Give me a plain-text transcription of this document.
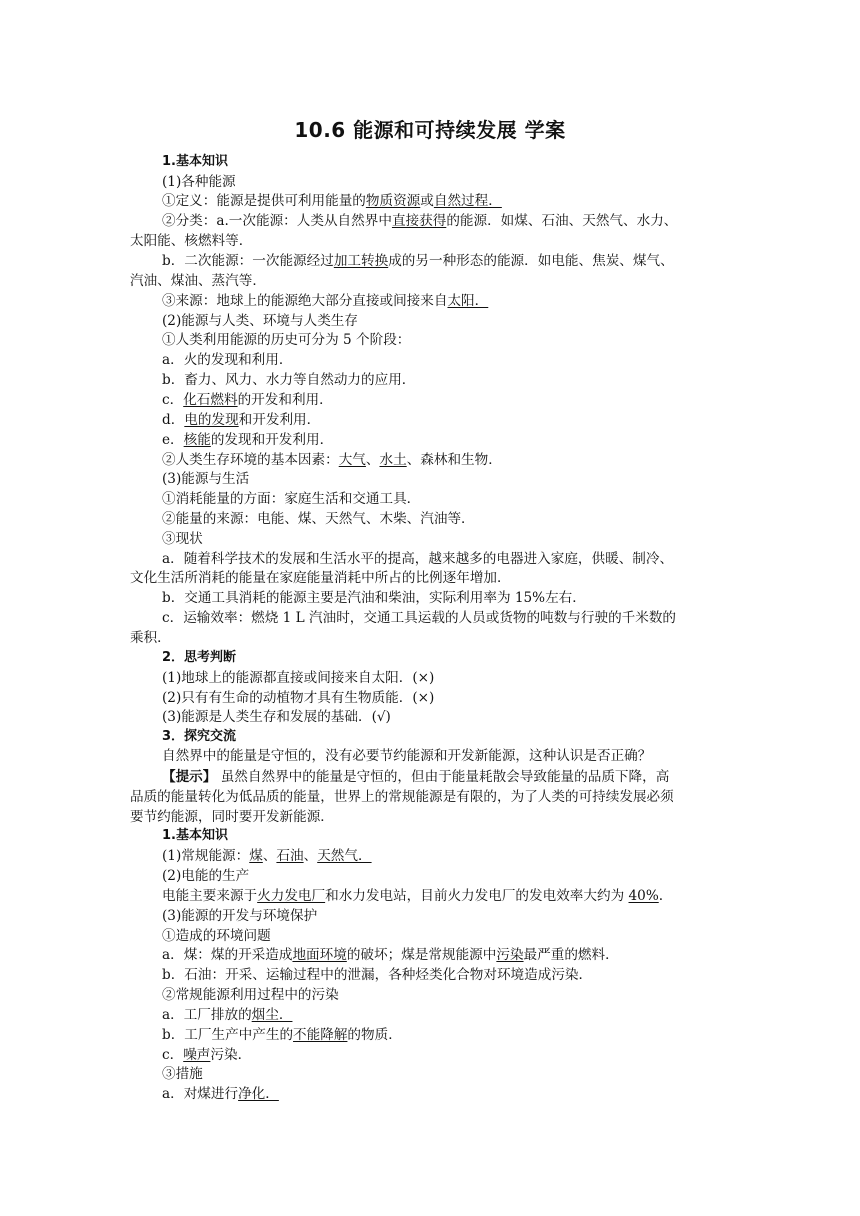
10.6 能源和可持续发展 学案
1.基本知识
(1)各种能源
①定义：能源是提供可利用能量的物质资源或自然过程．
②分类：a.一次能源：人类从自然界中直接获得的能源．如煤、石油、天然气、水力、
太阳能、核燃料等．
b．二次能源：一次能源经过加工转换成的另一种形态的能源．如电能、焦炭、煤气、
汽油、煤油、蒸汽等．
③来源：地球上的能源绝大部分直接或间接来自太阳．
(2)能源与人类、环境与人类生存
①人类利用能源的历史可分为 5 个阶段：
a．火的发现和利用．
b．畜力、风力、水力等自然动力的应用．
c．化石燃料的开发和利用．
d．电的发现和开发利用．
e．核能的发现和开发利用．
②人类生存环境的基本因素：大气、水土、森林和生物．
(3)能源与生活
①消耗能量的方面：家庭生活和交通工具．
②能量的来源：电能、煤、天然气、木柴、汽油等．
③现状
a．随着科学技术的发展和生活水平的提高，越来越多的电器进入家庭，供暖、制冷、
文化生活所消耗的能量在家庭能量消耗中所占的比例逐年增加．
b．交通工具消耗的能源主要是汽油和柴油，实际利用率为 15%左右．
c．运输效率：燃烧 1 L 汽油时，交通工具运载的人员或货物的吨数与行驶的千米数的
乘积．
2．思考判断
(1)地球上的能源都直接或间接来自太阳．(×)
(2)只有有生命的动植物才具有生物质能．(×)
(3)能源是人类生存和发展的基础．(√)
3．探究交流
自然界中的能量是守恒的，没有必要节约能源和开发新能源，这种认识是否正确？
【提示】 虽然自然界中的能量是守恒的，但由于能量耗散会导致能量的品质下降，高
品质的能量转化为低品质的能量，世界上的常规能源是有限的，为了人类的可持续发展必须
要节约能源，同时要开发新能源．
1.基本知识
(1)常规能源：煤、石油、天然气．
(2)电能的生产
电能主要来源于火力发电厂和水力发电站，目前火力发电厂的发电效率大约为 40%.
(3)能源的开发与环境保护
①造成的环境问题
a．煤：煤的开采造成地面环境的破坏；煤是常规能源中污染最严重的燃料．
b．石油：开采、运输过程中的泄漏，各种烃类化合物对环境造成污染．
②常规能源利用过程中的污染
a．工厂排放的烟尘．
b．工厂生产中产生的不能降解的物质．
c．噪声污染．
③措施
a．对煤进行净化．
